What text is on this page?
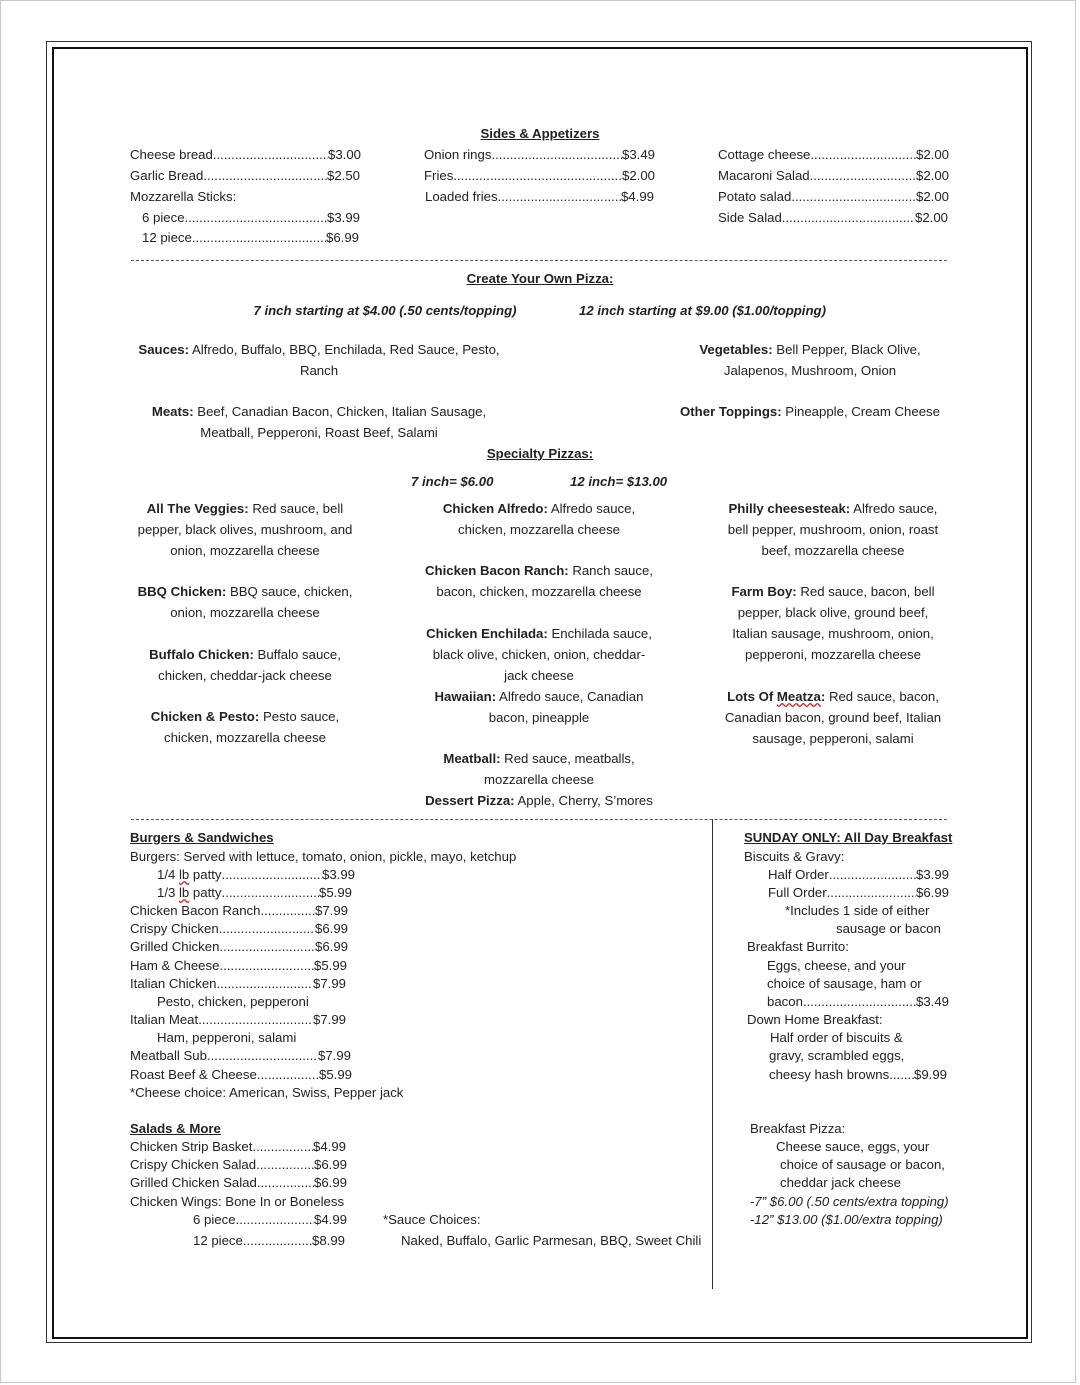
Sides & Appetizers
Cheese bread .....	$3.00
Garlic Bread .....	$2.50
Mozzarella Sticks:
6 piece .....	$3.99
12 piece .....	$6.99
Onion rings .....	$3.49
Fries .....	$2.00
Loaded fries .....	$4.99
Cottage cheese .....	$2.00
Macaroni Salad .....	$2.00
Potato salad .....	$2.00
Side Salad .....	$2.00
Create Your Own Pizza:
7 inch starting at $4.00 (.50 cents/topping)	12 inch starting at $9.00 ($1.00/topping)
Sauces: Alfredo, Buffalo, BBQ, Enchilada, Red Sauce, Pesto,
Ranch
Vegetables: Bell Pepper, Black Olive,
Jalapenos, Mushroom, Onion
Meats: Beef, Canadian Bacon, Chicken, Italian Sausage,
Meatball, Pepperoni, Roast Beef, Salami
Other Toppings: Pineapple, Cream Cheese
Specialty Pizzas:
7 inch= $6.00	12 inch= $13.00
All The Veggies: Red sauce, bell
pepper, black olives, mushroom, and
onion, mozzarella cheese
BBQ Chicken: BBQ sauce, chicken,
onion, mozzarella cheese
Buffalo Chicken: Buffalo sauce,
chicken, cheddar-jack cheese
Chicken & Pesto: Pesto sauce,
chicken, mozzarella cheese
Chicken Alfredo: Alfredo sauce,
chicken, mozzarella cheese
Chicken Bacon Ranch: Ranch sauce,
bacon, chicken, mozzarella cheese
Chicken Enchilada: Enchilada sauce,
black olive, chicken, onion, cheddar-
jack cheese
Hawaiian: Alfredo sauce, Canadian
bacon, pineapple
Meatball: Red sauce, meatballs,
mozzarella cheese
Dessert Pizza: Apple, Cherry, S’mores
Philly cheesesteak: Alfredo sauce,
bell pepper, mushroom, onion, roast
beef, mozzarella cheese
Farm Boy: Red sauce, bacon, bell
pepper, black olive, ground beef,
Italian sausage, mushroom, onion,
pepperoni, mozzarella cheese
Lots Of Meatza: Red sauce, bacon,
Canadian bacon, ground beef, Italian
sausage, pepperoni, salami
Burgers & Sandwiches
Burgers: Served with lettuce, tomato, onion, pickle, mayo, ketchup
1/4 lb patty .....	$3.99
1/3 lb patty .....	$5.99
Chicken Bacon Ranch .....	$7.99
Crispy Chicken .....	$6.99
Grilled Chicken .....	$6.99
Ham & Cheese .....	$5.99
Italian Chicken .....	$7.99
Pesto, chicken, pepperoni
Italian Meat .....	$7.99
Ham, pepperoni, salami
Meatball Sub .....	$7.99
Roast Beef & Cheese .....	$5.99
*Cheese choice: American, Swiss, Pepper jack
Salads & More
Chicken Strip Basket .....	$4.99
Crispy Chicken Salad .....	$6.99
Grilled Chicken Salad .....	$6.99
Chicken Wings: Bone In or Boneless
6 piece .....	$4.99
12 piece .....	$8.99
*Sauce Choices:
Naked, Buffalo, Garlic Parmesan, BBQ, Sweet Chili
SUNDAY ONLY: All Day Breakfast
Biscuits & Gravy:
Half Order .....	$3.99
Full Order .....	$6.99
*Includes 1 side of either
sausage or bacon
Breakfast Burrito:
Eggs, cheese, and your
choice of sausage, ham or
bacon .....	$3.49
Down Home Breakfast:
Half order of biscuits &
gravy, scrambled eggs,
cheesy hash browns ..... $9.99
Breakfast Pizza:
Cheese sauce, eggs, your
choice of sausage or bacon,
cheddar jack cheese
-7” $6.00 (.50 cents/extra topping)
-12” $13.00 ($1.00/extra topping)
